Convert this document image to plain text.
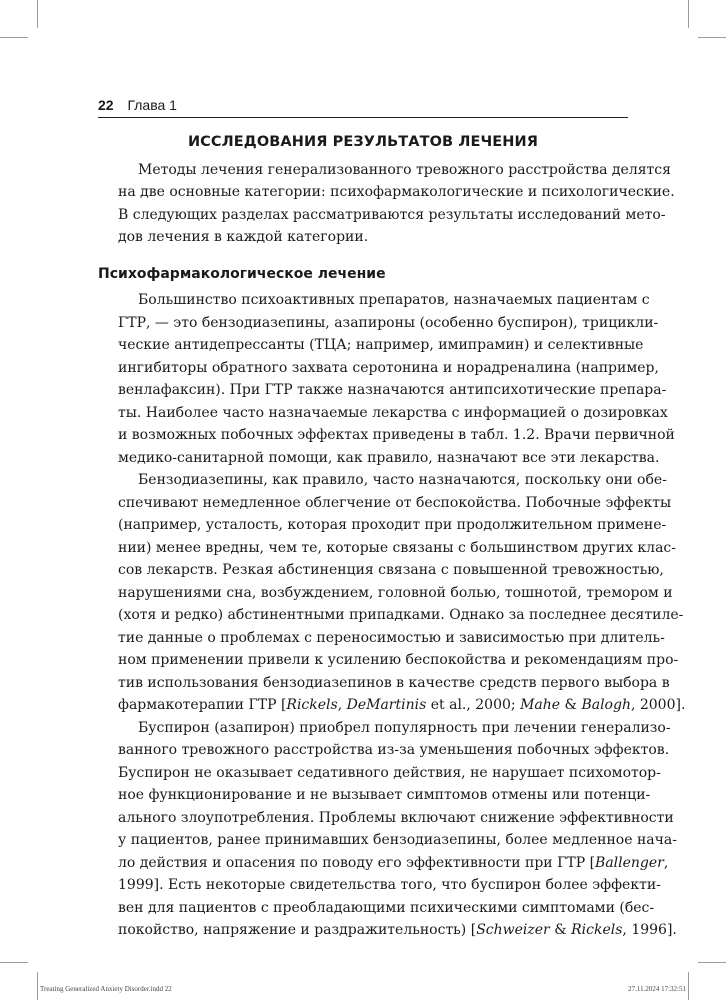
22 Глава 1
ИССЛЕДОВАНИЯ РЕЗУЛЬТАТОВ ЛЕЧЕНИЯ

Методы лечения генерализованного тревожного расстройства делятся
на две основные категории: психофармакологические и психологические.
В следующих разделах рассматриваются результаты исследований мето-
дов лечения в каждой категории.

Психофармакологическое лечение

Большинство психоактивных препаратов, назначаемых пациентам с
ГТР, — это бензодиазепины, азапироны (особенно буспирон), трицикли-
ческие антидепрессанты (ТЦА; например, имипрамин) и селективные
ингибиторы обратного захвата серотонина и норадреналина (например,
венлафаксин). При ГТР также назначаются антипсихотические препара-
ты. Наиболее часто назначаемые лекарства с информацией о дозировках
и возможных побочных эффектах приведены в табл. 1.2. Врачи первичной
медико-санитарной помощи, как правило, назначают все эти лекарства.

Бензодиазепины, как правило, часто назначаются, поскольку они обе-
спечивают немедленное облегчение от беспокойства. Побочные эффекты
(например, усталость, которая проходит при продолжительном примене-
нии) менее вредны, чем те, которые связаны с большинством других клас-
сов лекарств. Резкая абстиненция связана с повышенной тревожностью,
нарушениями сна, возбуждением, головной болью, тошнотой, тремором и
(хотя и редко) абстинентными припадками. Однако за последнее десятиле-
тие данные о проблемах с переносимостью и зависимостью при длитель-
ном применении привели к усилению беспокойства и рекомендациям про-
тив использования бензодиазепинов в качестве средств первого выбора в
фармакотерапии ГТР [Rickels, DeMartinis et al., 2000; Mahe & Balogh, 2000].

Буспирон (азапирон) приобрел популярность при лечении генерализо-
ванного тревожного расстройства из-за уменьшения побочных эффектов.
Буспирон не оказывает седативного действия, не нарушает психомотор-
ное функционирование и не вызывает симптомов отмены или потенци-
ального злоупотребления. Проблемы включают снижение эффективности
у пациентов, ранее принимавших бензодиазепины, более медленное нача-
ло действия и опасения по поводу его эффективности при ГТР [Ballenger,
1999]. Есть некоторые свидетельства того, что буспирон более эффекти-
вен для пациентов с преобладающими психическими симптомами (бес-
покойство, напряжение и раздражительность) [Schweizer & Rickels, 1996].

Treating Generalized Anxiety Disorder.indd 22	27.11.2024 17:32:51
